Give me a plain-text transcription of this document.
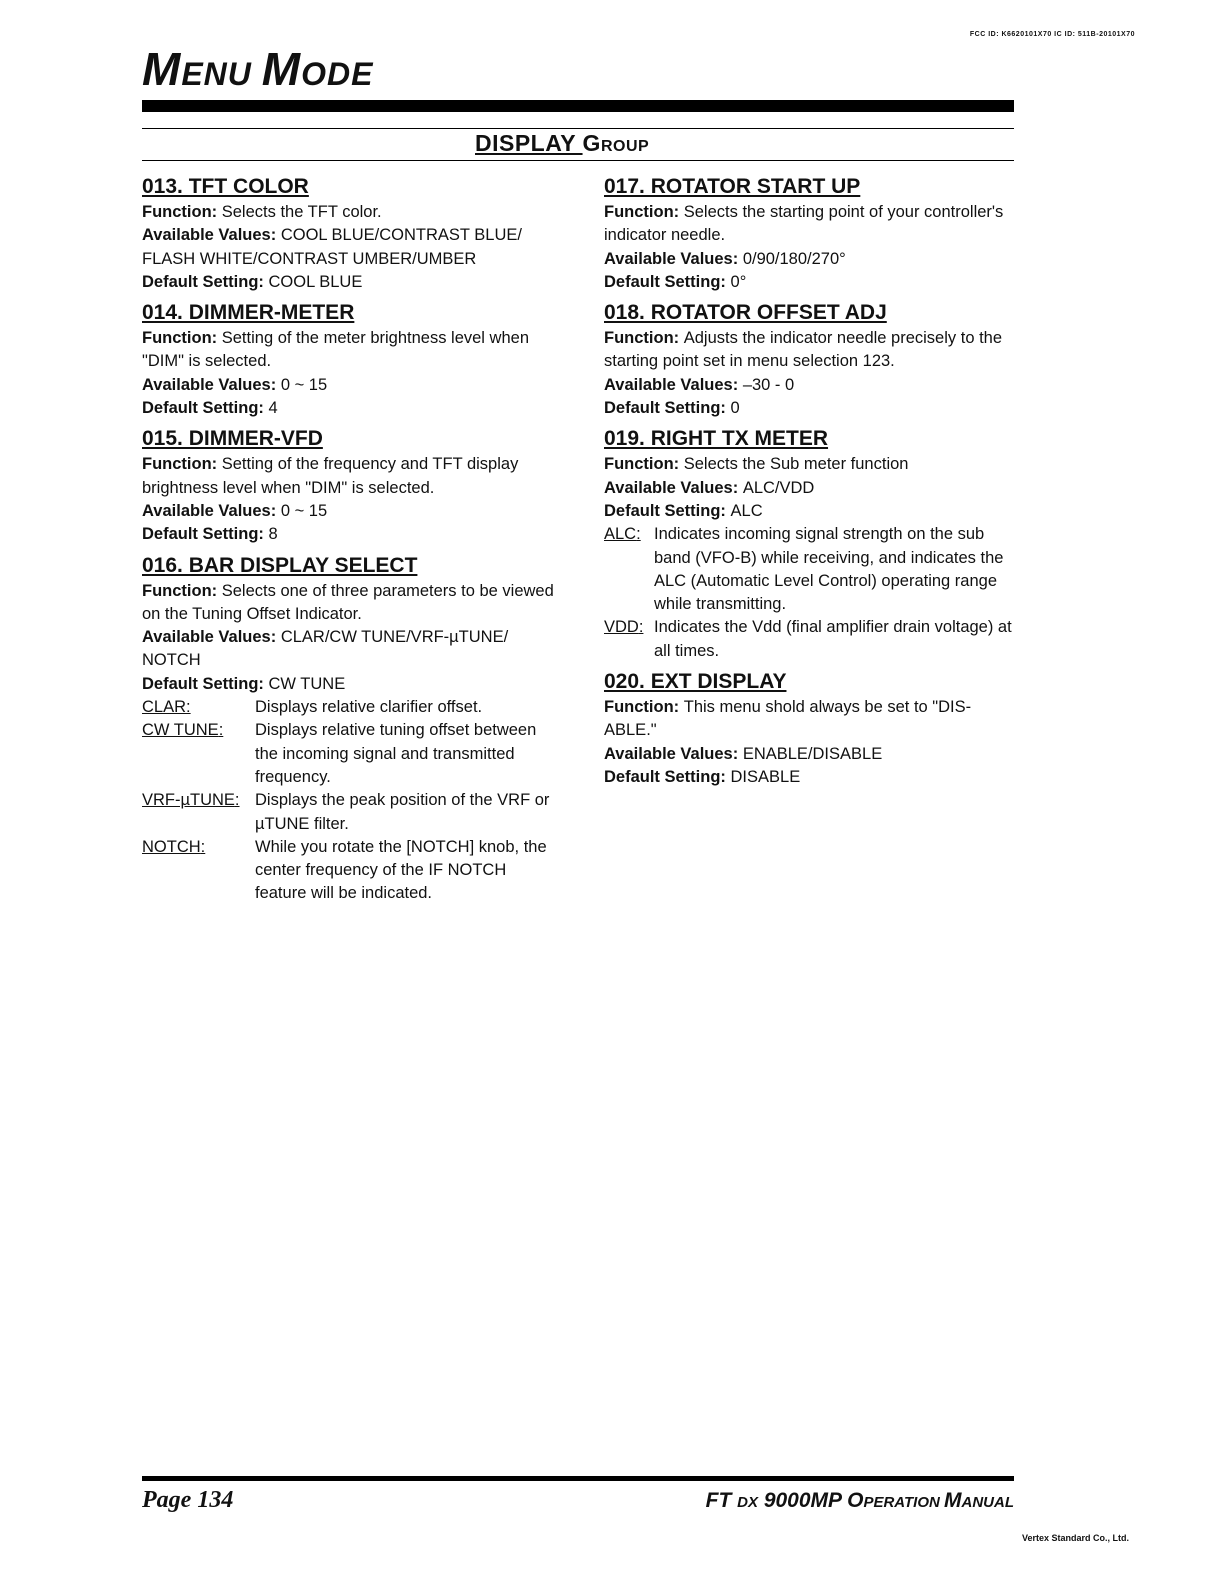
FCC ID: K6620101X70 IC ID: 511B-20101X70
MENU MODE
DISPLAY GROUP
013. TFT COLOR

Function: Selects the TFT color.

Available Values: COOL BLUE/CONTRAST BLUE/ FLASH WHITE/CONTRAST UMBER/UMBER

Default Setting: COOL BLUE

014. DIMMER-METER

Function: Setting of the meter brightness level when "DIM" is selected.

Available Values: 0 ~ 15

Default Setting: 4

015. DIMMER-VFD

Function: Setting of the frequency and TFT display brightness level when "DIM" is selected.

Available Values: 0 ~ 15

Default Setting: 8

016. BAR DISPLAY SELECT

Function: Selects one of three parameters to be viewed on the Tuning Offset Indicator.

Available Values: CLAR/CW TUNE/VRF-µTUNE/ NOTCH

Default Setting: CW TUNE

CLAR:	Displays relative clarifier offset.
CW TUNE:	Displays relative tuning offset between the incoming signal and transmitted frequency.
VRF-µTUNE: Displays the peak position of the VRF or µTUNE filter.
NOTCH:	While you rotate the [NOTCH] knob, the center frequency of the IF NOTCH feature will be indicated.
017. ROTATOR START UP

Function: Selects the starting point of your controller's indicator needle.

Available Values: 0/90/180/270°

Default Setting: 0°

018. ROTATOR OFFSET ADJ

Function: Adjusts the indicator needle precisely to the starting point set in menu selection 123.

Available Values: –30 - 0

Default Setting: 0

019. RIGHT TX METER

Function: Selects the Sub meter function

Available Values: ALC/VDD

Default Setting: ALC

ALC: Indicates incoming signal strength on the sub band (VFO-B) while receiving, and indicates the ALC (Automatic Level Control) operating range while transmitting.
VDD: Indicates the Vdd (final amplifier drain voltage) at all times.
020. EXT DISPLAY

Function: This menu shold always be set to "DIS-ABLE."

Available Values: ENABLE/DISABLE

Default Setting: DISABLE

Page 134	FT DX 9000MP OPERATION MANUAL
Vertex Standard Co., Ltd.
